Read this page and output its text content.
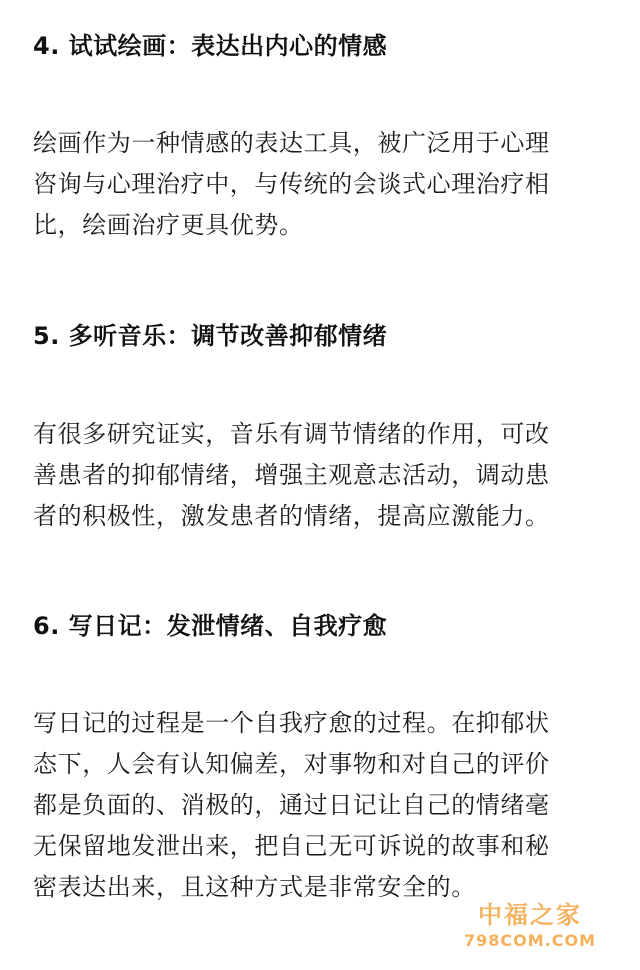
4. 试试绘画：表达出内心的情感
绘画作为一种情感的表达工具，被广泛用于心理
咨询与心理治疗中，与传统的会谈式心理治疗相
比，绘画治疗更具优势。
5. 多听音乐：调节改善抑郁情绪
有很多研究证实，音乐有调节情绪的作用，可改
善患者的抑郁情绪，增强主观意志活动，调动患
者的积极性，激发患者的情绪，提高应激能力。
6. 写日记：发泄情绪、自我疗愈
写日记的过程是一个自我疗愈的过程。在抑郁状
态下，人会有认知偏差，对事物和对自己的评价
都是负面的、消极的，通过日记让自己的情绪毫
无保留地发泄出来，把自己无可诉说的故事和秘
密表达出来，且这种方式是非常安全的。
中福之家
798COM.COM
